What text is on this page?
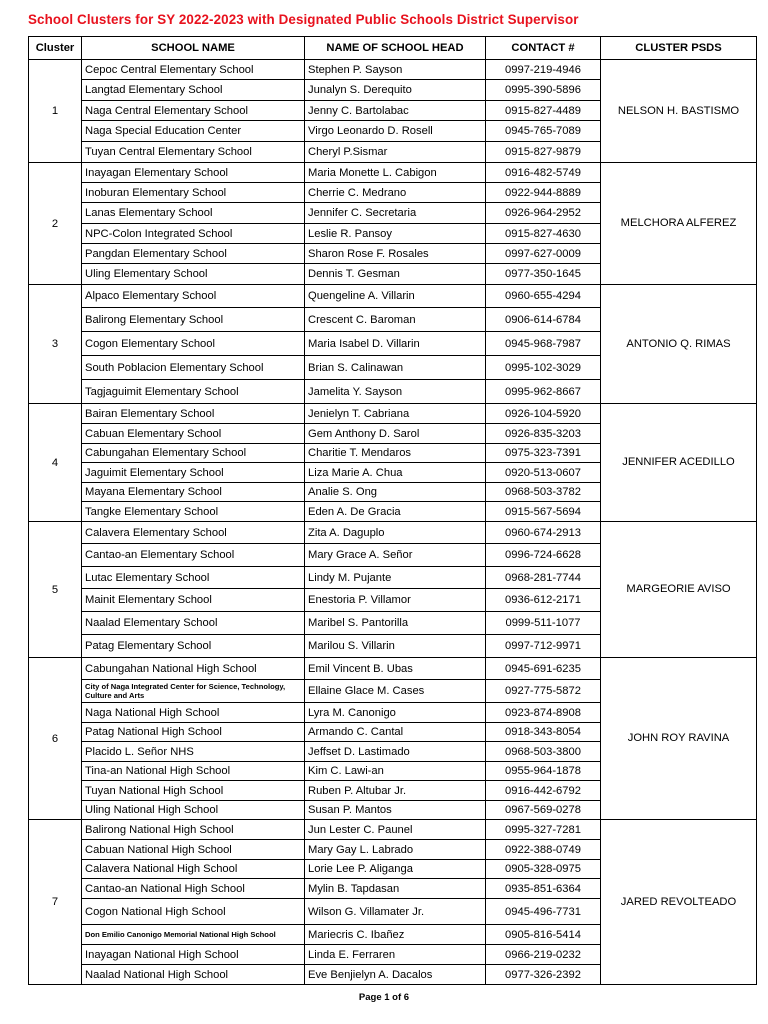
School Clusters for SY 2022-2023 with Designated Public Schools District Supervisor
Cluster	SCHOOL NAME	NAME OF SCHOOL HEAD	CONTACT #	CLUSTER PSDS
1	Cepoc Central Elementary School	Stephen P. Sayson	0997-219-4946	NELSON H. BASTISMO
	Langtad Elementary School	Junalyn S. Derequito	0995-390-5896	
	Naga Central Elementary School	Jenny C. Bartolabac	0915-827-4489	
	Naga Special Education Center	Virgo Leonardo D. Rosell	0945-765-7089	
	Tuyan Central Elementary School	Cheryl P.Sismar	0915-827-9879	
2	Inayagan Elementary School	Maria Monette L. Cabigon	0916-482-5749	MELCHORA ALFEREZ
	Inoburan Elementary School	Cherrie C. Medrano	0922-944-8889	
	Lanas Elementary School	Jennifer C. Secretaria	0926-964-2952	
	NPC-Colon Integrated School	Leslie R. Pansoy	0915-827-4630	
	Pangdan Elementary School	Sharon Rose F. Rosales	0997-627-0009	
	Uling Elementary School	Dennis T. Gesman	0977-350-1645	
3	Alpaco Elementary School	Quengeline A. Villarin	0960-655-4294	ANTONIO Q. RIMAS
	Balirong Elementary School	Crescent C. Baroman	0906-614-6784	
	Cogon Elementary School	Maria Isabel D. Villarin	0945-968-7987	
	South Poblacion Elementary School	Brian S. Calinawan	0995-102-3029	
	Tagjaguimit Elementary School	Jamelita Y. Sayson	0995-962-8667	
4	Bairan Elementary School	Jenielyn T. Cabriana	0926-104-5920	JENNIFER ACEDILLO
	Cabuan Elementary School	Gem Anthony D. Sarol	0926-835-3203	
	Cabungahan Elementary School	Charitie T. Mendaros	0975-323-7391	
	Jaguimit Elementary School	Liza Marie A. Chua	0920-513-0607	
	Mayana Elementary School	Analie S. Ong	0968-503-3782	
	Tangke Elementary School	Eden A. De Gracia	0915-567-5694	
5	Calavera Elementary School	Zita A. Daguplo	0960-674-2913	MARGEORIE AVISO
	Cantao-an Elementary School	Mary Grace A. Señor	0996-724-6628	
	Lutac Elementary School	Lindy M. Pujante	0968-281-7744	
	Mainit Elementary School	Enestoria P. Villamor	0936-612-2171	
	Naalad Elementary School	Maribel S. Pantorilla	0999-511-1077	
	Patag Elementary School	Marilou S. Villarin	0997-712-9971	
6	Cabungahan National High School	Emil Vincent B. Ubas	0945-691-6235	JOHN ROY RAVINA
	City of Naga Integrated Center for Science, Technology, Culture and Arts	Ellaine Glace M. Cases	0927-775-5872	
	Naga National High School	Lyra M. Canonigo	0923-874-8908	
	Patag National High School	Armando C. Cantal	0918-343-8054	
	Placido L. Señor NHS	Jeffset D. Lastimado	0968-503-3800	
	Tina-an National High School	Kim C. Lawi-an	0955-964-1878	
	Tuyan National High School	Ruben P. Altubar Jr.	0916-442-6792	
	Uling National High School	Susan P. Mantos	0967-569-0278	
7	Balirong National High School	Jun Lester C. Paunel	0995-327-7281	JARED REVOLTEADO
	Cabuan National High School	Mary Gay L. Labrado	0922-388-0749	
	Calavera National High School	Lorie Lee P. Aliganga	0905-328-0975	
	Cantao-an National High School	Mylin B. Tapdasan	0935-851-6364	
	Cogon National High School	Wilson G. Villamater Jr.	0945-496-7731	
	Don Emilio Canonigo Memorial National High School	Mariecris C. Ibañez	0905-816-5414	
	Inayagan National High School	Linda E. Ferraren	0966-219-0232	
	Naalad National High School	Eve Benjielyn A. Dacalos	0977-326-2392	
Page 1 of 6
